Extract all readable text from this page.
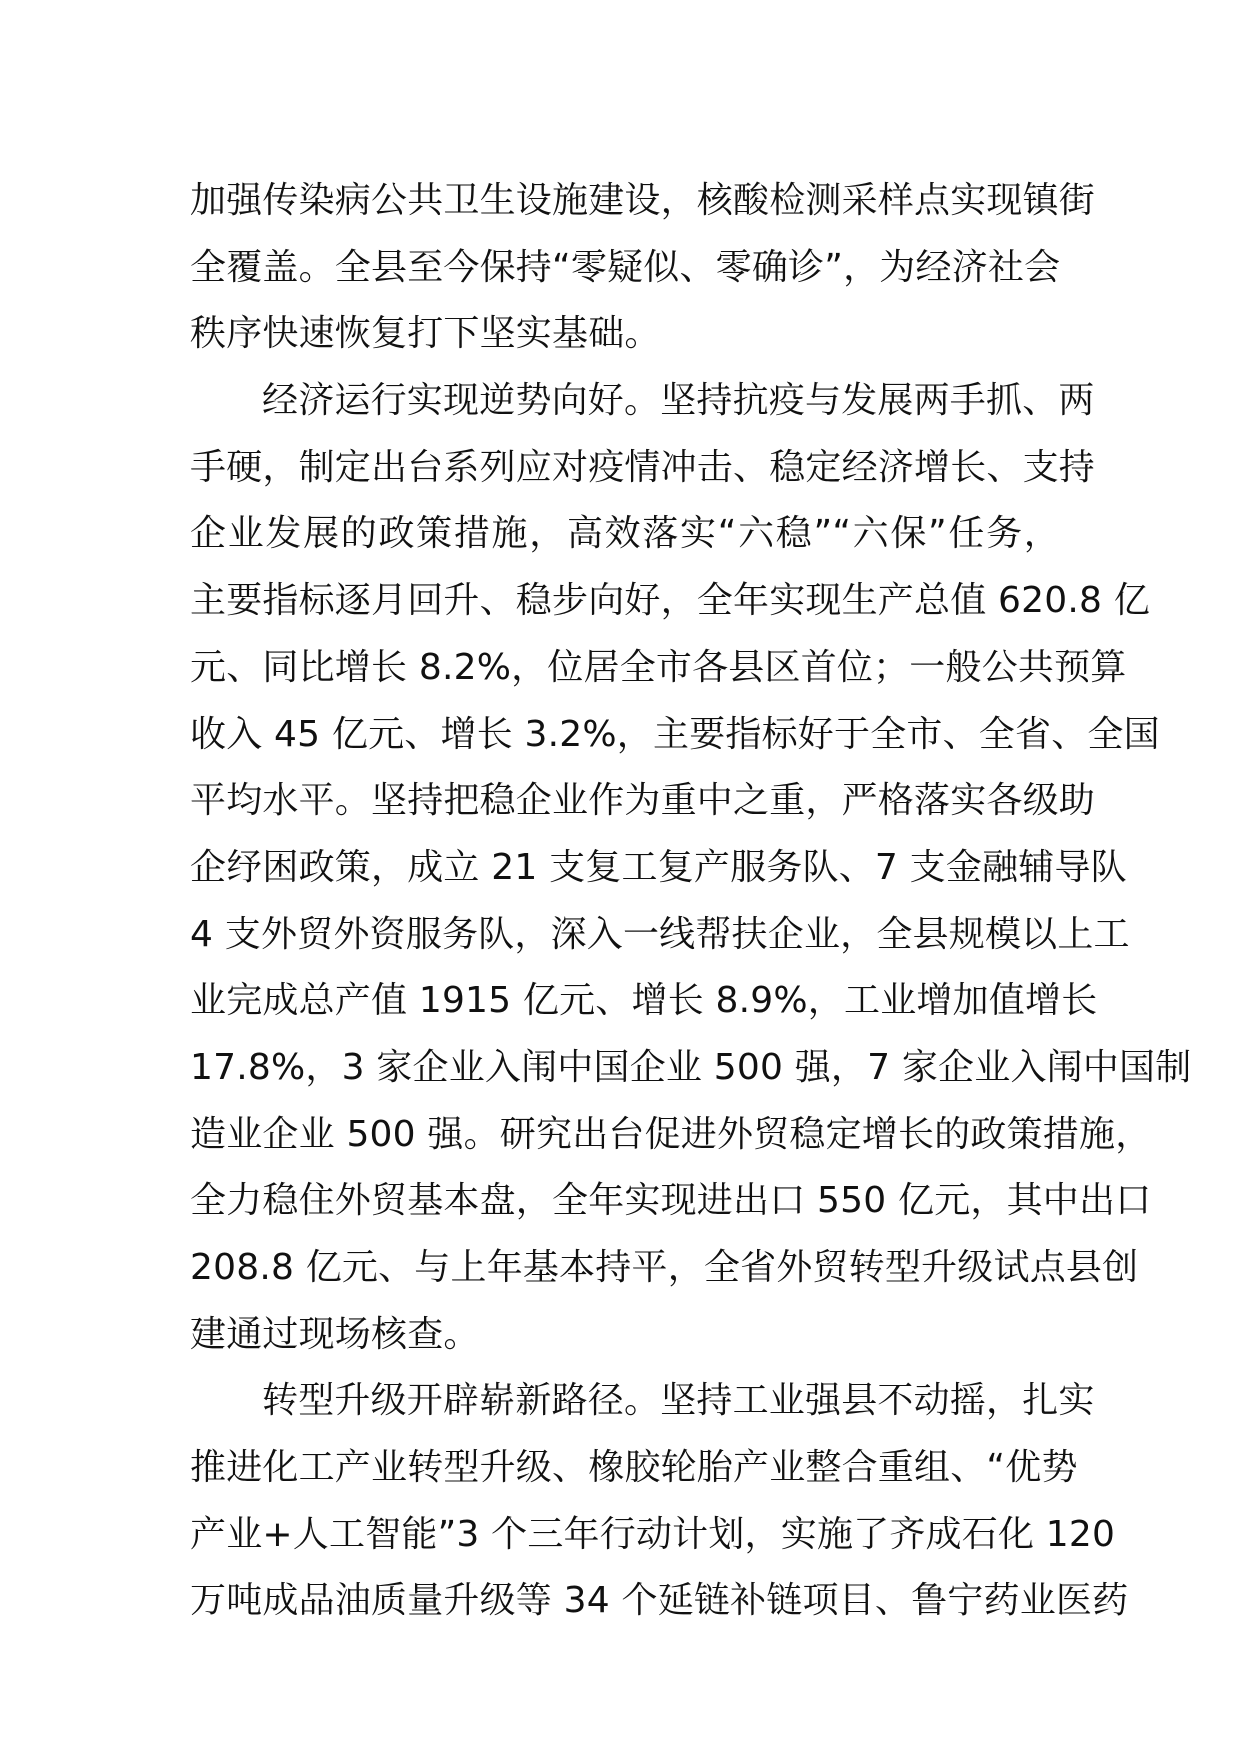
加强传染病公共卫生设施建设，核酸检测采样点实现镇街
全覆盖。全县至今保持“零疑似、零确诊”，为经济社会
秩序快速恢复打下坚实基础。
经济运行实现逆势向好。坚持抗疫与发展两手抓、两
手硬，制定出台系列应对疫情冲击、稳定经济增长、支持
企业发展的政策措施，高效落实“六稳”“六保”任务，
主要指标逐月回升、稳步向好，全年实现生产总值 620.8 亿
元、同比增长 8.2%，位居全市各县区首位；一般公共预算
收入 45 亿元、增长 3.2%，主要指标好于全市、全省、全国
平均水平。坚持把稳企业作为重中之重，严格落实各级助
企纾困政策，成立 21 支复工复产服务队、7 支金融辅导队
4 支外贸外资服务队，深入一线帮扶企业，全县规模以上工
业完成总产值 1915 亿元、增长 8.9%，工业增加值增长
17.8%，3 家企业入闱中国企业 500 强，7 家企业入闱中国制
造业企业 500 强。研究出台促进外贸稳定增长的政策措施，
全力稳住外贸基本盘，全年实现进出口 550 亿元，其中出口
208.8 亿元、与上年基本持平，全省外贸转型升级试点县创
建通过现场核查。
转型升级开辟崭新路径。坚持工业强县不动摇，扎实
推进化工产业转型升级、橡胶轮胎产业整合重组、“优势
产业+人工智能”3 个三年行动计划，实施了齐成石化 120
万吨成品油质量升级等 34 个延链补链项目、鲁宁药业医药
